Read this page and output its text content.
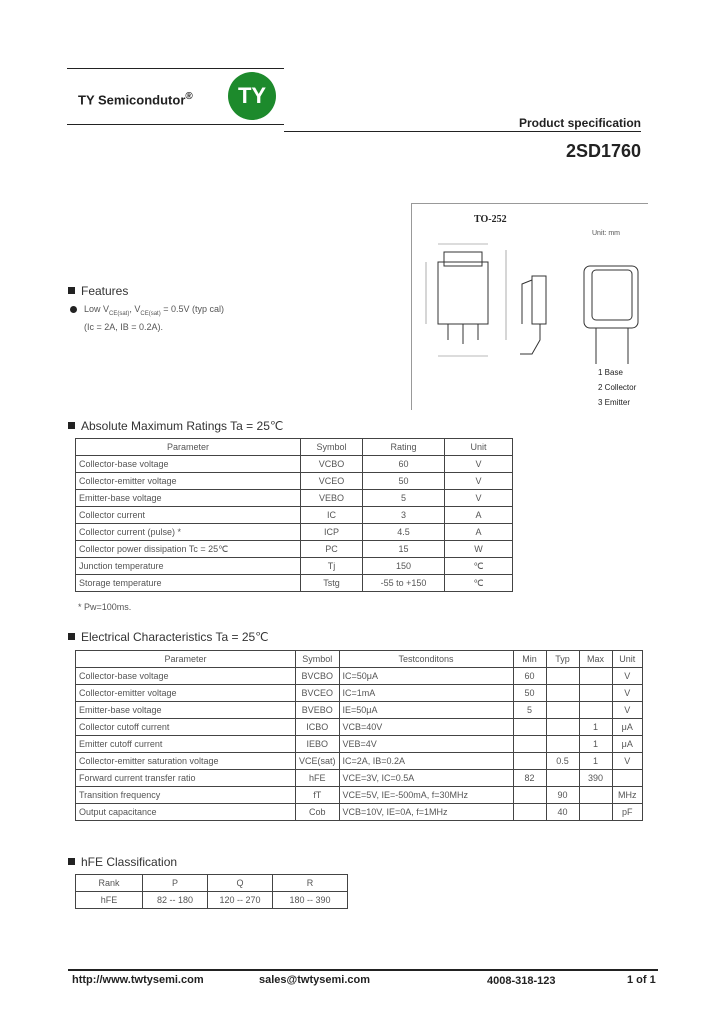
TY Semicondutor®	TY
Product specification
2SD1760
TO-252
Unit: mm
1 Base
2 Collector
3 Emitter
Features
Low $V_{CE(sat)}$, $V_{CE(sat)} = 0.5V$ (typ cal)
(Ic = 2A, IB = 0.2A).
Absolute Maximum Ratings Ta = 25℃
Parameter	Symbol	Rating	Unit
Collector-base voltage	VCBO	60	V
Collector-emitter voltage	VCEO	50	V
Emitter-base voltage	VEBO	5	V
Collector current	IC	3	A
Collector current (pulse) *	ICP	4.5	A
Collector power dissipation Tc = 25℃	PC	15	W
Junction temperature	Tj	150	℃
Storage temperature	Tstg	-55 to +150	℃
* Pw=100ms.
Electrical Characteristics Ta = 25℃
Parameter	Symbol	Testconditons	Min	Typ	Max	Unit
Collector-base voltage	BVCBO	IC=50μA	60			V
Collector-emitter voltage	BVCEO	IC=1mA	50			V
Emitter-base voltage	BVEBO	IE=50μA	5			V
Collector cutoff current	ICBO	VCB=40V			1	μA
Emitter cutoff current	IEBO	VEB=4V			1	μA
Collector-emitter saturation voltage	VCE(sat)	IC=2A, IB=0.2A		0.5	1	V
Forward current transfer ratio	hFE	VCE=3V, IC=0.5A	82		390	
Transition frequency	fT	VCE=5V, IE=-500mA, f=30MHz		90		MHz
Output capacitance	Cob	VCB=10V, IE=0A, f=1MHz		40		pF
hFE Classification
Rank	P	Q	R
hFE	82 -- 180	120 -- 270	180 -- 390
http://www.twtysemi.com	sales@twtysemi.com	4008-318-123	1 of 1
